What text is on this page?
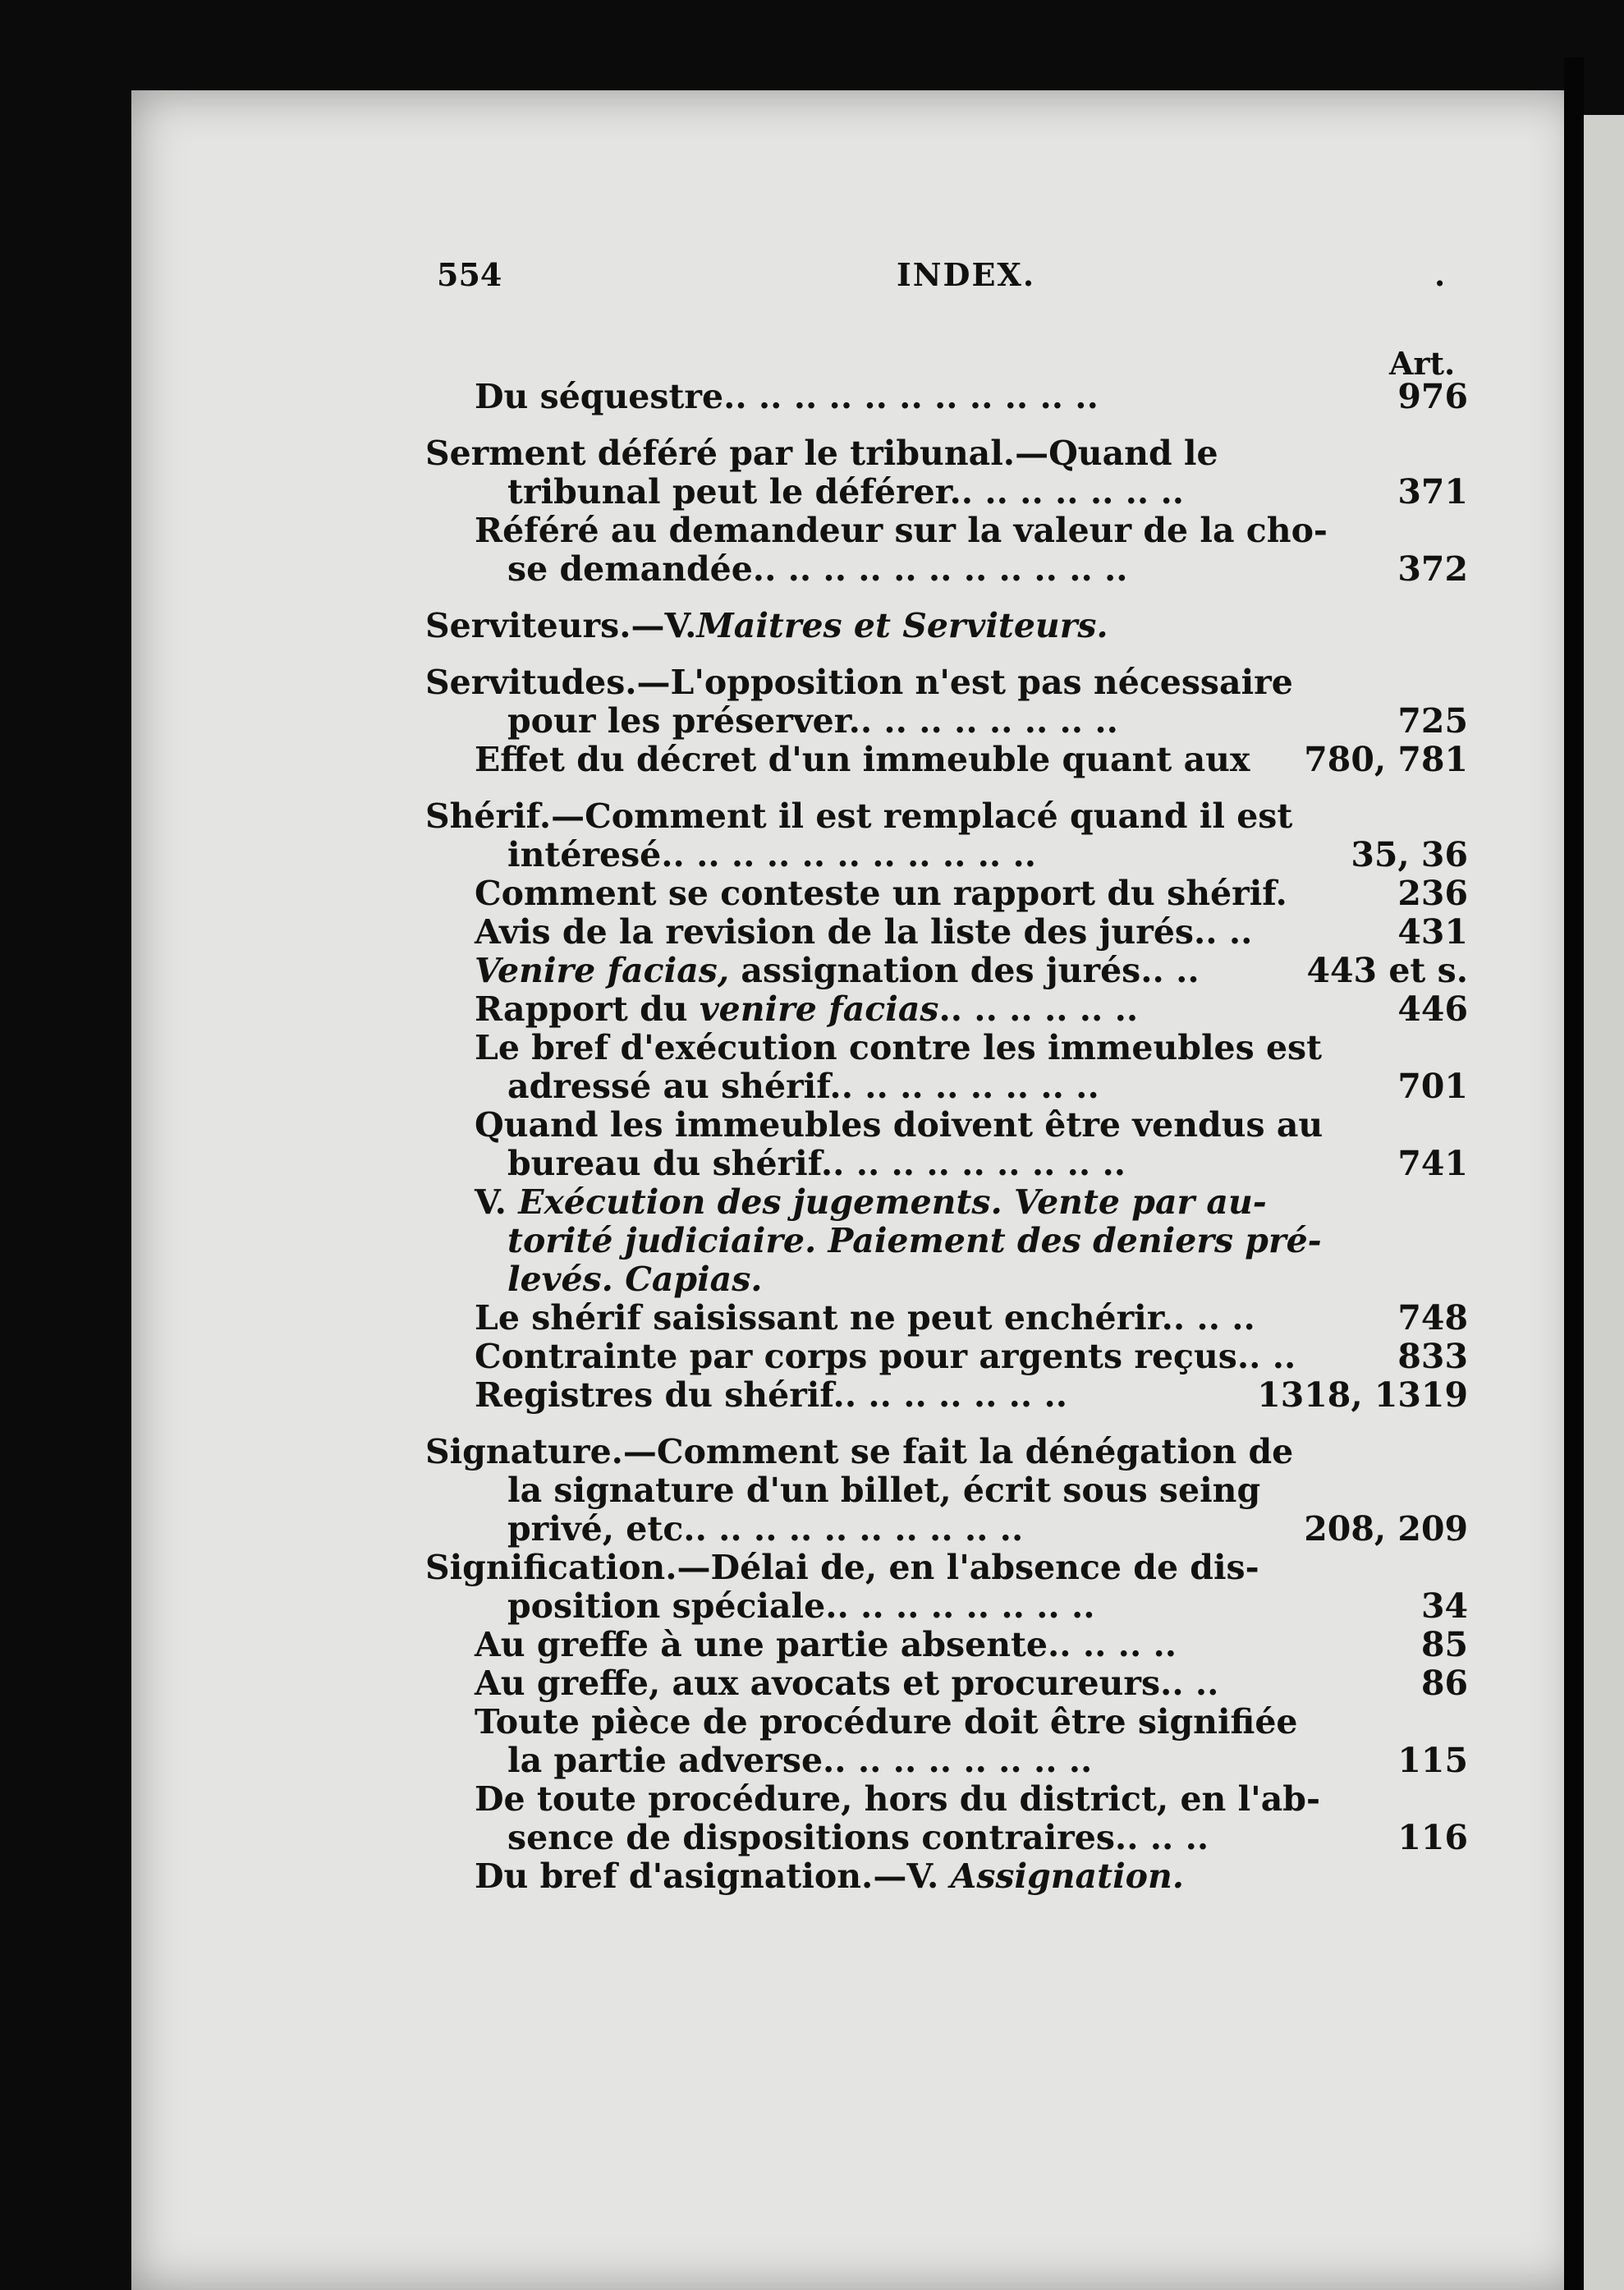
554	INDEX.	.
Art.
Du séquestre.. .. .. .. .. .. .. .. .. .. ..	976
Serment déféré par le tribunal.—Quand le
tribunal peut le déférer.. .. .. .. .. .. ..	371
Référé au demandeur sur la valeur de la cho-
se demandée.. .. .. .. .. .. .. .. .. .. ..	372
Serviteurs.—V.Maitres et Serviteurs.
Servitudes.—L'opposition n'est pas nécessaire
pour les préserver.. .. .. .. .. .. .. ..	725
Effet du décret d'un immeuble quant aux 780, 781
Shérif.—Comment il est remplacé quand il est
intéresé.. .. .. .. .. .. .. .. .. .. ..	35, 36
Comment se conteste un rapport du shérif.	236
Avis de la revision de la liste des jurés.. ..	431
Venire facias, assignation des jurés.. ..	443 et s.
Rapport du venire facias.. .. .. .. .. ..	446
Le bref d'exécution contre les immeubles est
adressé au shérif.. .. .. .. .. .. .. ..	701
Quand les immeubles doivent être vendus au
bureau du shérif.. .. .. .. .. .. .. .. ..	741
V. Exécution des jugements. Vente par au-
torité judiciaire. Paiement des deniers pré-
levés. Capias.
Le shérif saisissant ne peut enchérir.. .. ..	748
Contrainte par corps pour argents reçus.. ..	833
Registres du shérif.. .. .. .. .. .. ..	1318, 1319
Signature.—Comment se fait la dénégation de
la signature d'un billet, écrit sous seing
privé, etc.. .. .. .. .. .. .. .. .. ..	208, 209
Signification.—Délai de, en l'absence de dis-
position spéciale.. .. .. .. .. .. .. ..	34
Au greffe à une partie absente.. .. .. ..	85
Au greffe, aux avocats et procureurs.. ..	86
Toute pièce de procédure doit être signifiée
la partie adverse.. .. .. .. .. .. .. ..	115
De toute procédure, hors du district, en l'ab-
sence de dispositions contraires.. .. ..	116
Du bref d'asignation.—V. Assignation.
